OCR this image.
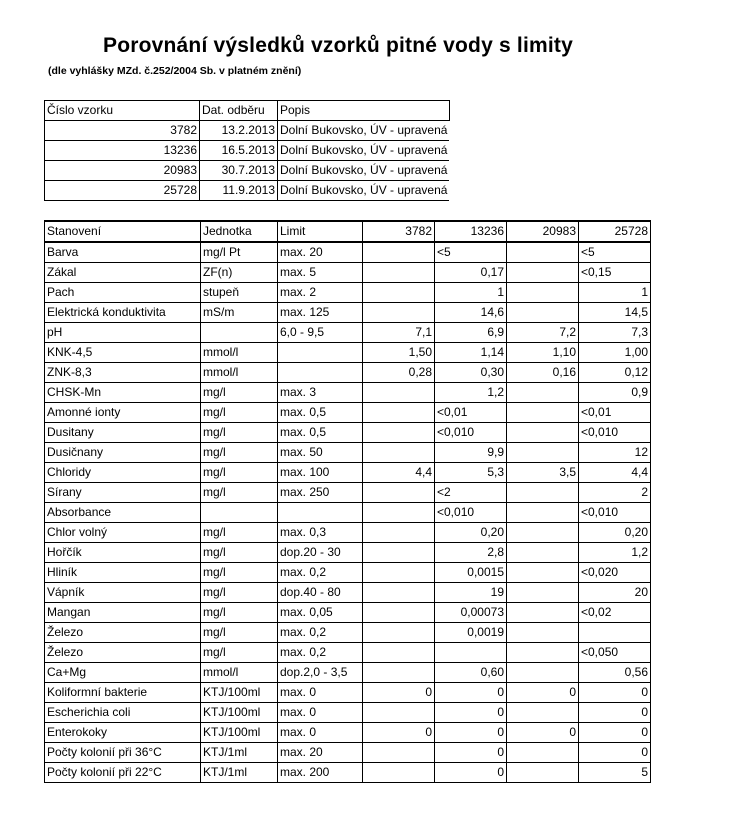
Porovnání výsledků vzorků pitné vody s limity
(dle vyhlášky MZd. č.252/2004 Sb. v platném znění)
Číslo vzorku	Dat. odběru	Popis
3782	13.2.2013	Dolní Bukovsko, ÚV - upravená
13236	16.5.2013	Dolní Bukovsko, ÚV - upravená
20983	30.7.2013	Dolní Bukovsko, ÚV - upravená
25728	11.9.2013	Dolní Bukovsko, ÚV - upravená
Stanovení	Jednotka	Limit	3782	13236	20983	25728
Barva	mg/l Pt	max. 20		<5		<5
Zákal	ZF(n)	max. 5		0,17		<0,15
Pach	stupeň	max. 2		1		1
Elektrická konduktivita	mS/m	max. 125		14,6		14,5
pH		6,0 - 9,5	7,1	6,9	7,2	7,3
KNK-4,5	mmol/l		1,50	1,14	1,10	1,00
ZNK-8,3	mmol/l		0,28	0,30	0,16	0,12
CHSK-Mn	mg/l	max. 3		1,2		0,9
Amonné ionty	mg/l	max. 0,5		<0,01		<0,01
Dusitany	mg/l	max. 0,5		<0,010		<0,010
Dusičnany	mg/l	max. 50		9,9		12
Chloridy	mg/l	max. 100	4,4	5,3	3,5	4,4
Sírany	mg/l	max. 250		<2		2
Absorbance				<0,010		<0,010
Chlor volný	mg/l	max. 0,3		0,20		0,20
Hořčík	mg/l	dop.20 - 30		2,8		1,2
Hliník	mg/l	max. 0,2		0,0015		<0,020
Vápník	mg/l	dop.40 - 80		19		20
Mangan	mg/l	max. 0,05		0,00073		<0,02
Železo	mg/l	max. 0,2		0,0019		
Železo	mg/l	max. 0,2				<0,050
Ca+Mg	mmol/l	dop.2,0 - 3,5		0,60		0,56
Koliformní bakterie	KTJ/100ml	max. 0	0	0	0	0
Escherichia coli	KTJ/100ml	max. 0		0		0
Enterokoky	KTJ/100ml	max. 0	0	0	0	0
Počty kolonií při 36°C	KTJ/1ml	max. 20		0		0
Počty kolonií při 22°C	KTJ/1ml	max. 200		0		5
